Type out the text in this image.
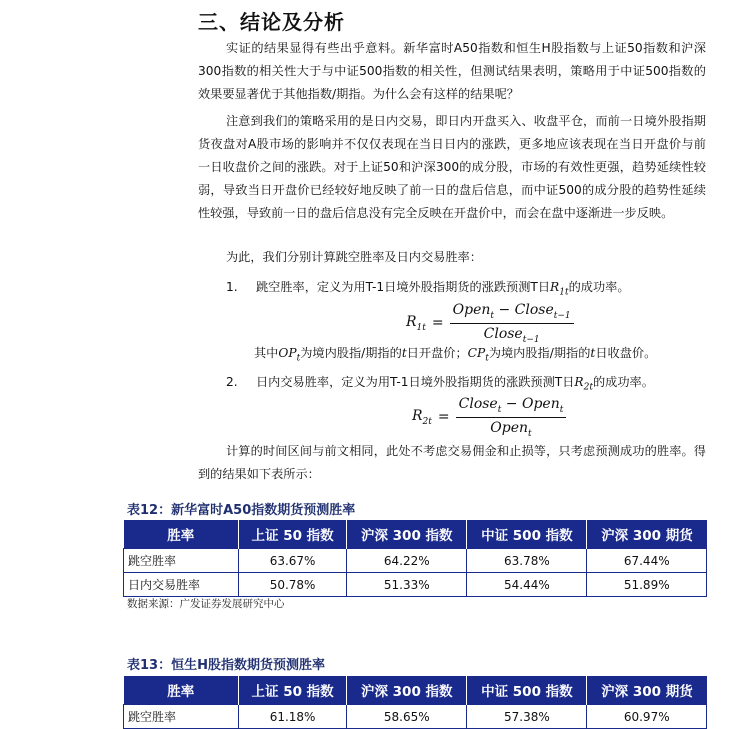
三、结论及分析

实证的结果显得有些出乎意料。新华富时A50指数和恒生H股指数与上证50指数和沪深300指数的相关性大于与中证500指数的相关性，但测试结果表明，策略用于中证500指数的效果要显著优于其他指数/期指。为什么会有这样的结果呢？

注意到我们的策略采用的是日内交易，即日内开盘买入、收盘平仓，而前一日境外股指期货夜盘对A股市场的影响并不仅仅表现在当日日内的涨跌，更多地应该表现在当日开盘价与前一日收盘价之间的涨跌。对于上证50和沪深300的成分股，市场的有效性更强，趋势延续性较弱，导致当日开盘价已经较好地反映了前一日的盘后信息，而中证500的成分股的趋势性延续性较强，导致前一日的盘后信息没有完全反映在开盘价中，而会在盘中逐渐进一步反映。

为此，我们分别计算跳空胜率及日内交易胜率：

1. 跳空胜率，定义为用T-1日境外股指期货的涨跌预测T日$R_{1t}$的成功率。
$R_{1t} = \frac{Open_t - Close_{t-1}}{Close_{t-1}}$
其中$OP_t$为境内股指/期指的t日开盘价；$CP_t$为境内股指/期指的t日收盘价。
2. 日内交易胜率，定义为用T-1日境外股指期货的涨跌预测T日$R_{2t}$的成功率。
$R_{2t} = \frac{Close_t - Open_t}{Open_t}$

计算的时间区间与前文相同，此处不考虑交易佣金和止损等，只考虑预测成功的胜率。得到的结果如下表所示：

表12：新华富时A50指数期货预测胜率
胜率	上证 50 指数	沪深 300 指数	中证 500 指数	沪深 300 期货
跳空胜率	63.67%	64.22%	63.78%	67.44%
日内交易胜率	50.78%	51.33%	54.44%	51.89%
数据来源：广发证券发展研究中心
表13：恒生H股指数期货预测胜率
胜率	上证 50 指数	沪深 300 指数	中证 500 指数	沪深 300 期货
跳空胜率	61.18%	58.65%	57.38%	60.97%
